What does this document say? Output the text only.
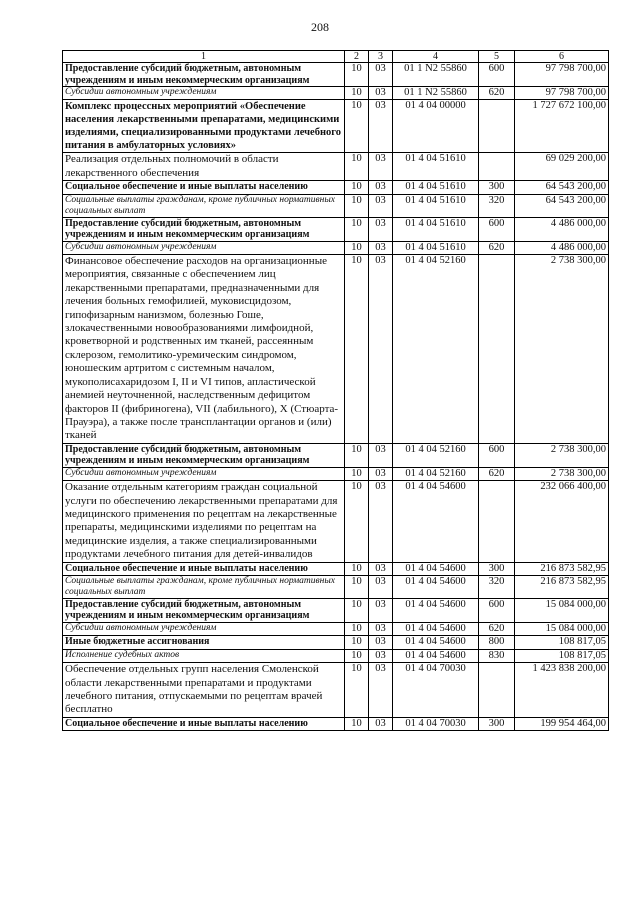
208
1	2	3	4	5	6
Предоставление субсидий бюджетным, автономным учреждениям и иным некоммерческим организациям	10	03	01 1 N2 55860	600	97 798 700,00
Субсидии автономным учреждениям	10	03	01 1 N2 55860	620	97 798 700,00
Комплекс процессных мероприятий «Обеспечение населения лекарственными препаратами, медицинскими изделиями, специализированными продуктами лечебного питания в амбулаторных условиях»	10	03	01 4 04 00000		1 727 672 100,00
Реализация отдельных полномочий в области лекарственного обеспечения	10	03	01 4 04 51610		69 029 200,00
Социальное обеспечение и иные выплаты населению	10	03	01 4 04 51610	300	64 543 200,00
Социальные выплаты гражданам, кроме публичных нормативных социальных выплат	10	03	01 4 04 51610	320	64 543 200,00
Предоставление субсидий бюджетным, автономным учреждениям и иным некоммерческим организациям	10	03	01 4 04 51610	600	4 486 000,00
Субсидии автономным учреждениям	10	03	01 4 04 51610	620	4 486 000,00
Финансовое обеспечение расходов на организационные мероприятия, связанные с обеспечением лиц лекарственными препаратами, предназначенными для лечения больных гемофилией, муковисцидозом, гипофизарным нанизмом, болезнью Гоше, злокачественными новообразованиями лимфоидной, кроветворной и родственных им тканей, рассеянным склерозом, гемолитико-уремическим синдромом, юношеским артритом с системным началом, мукополисахаридозом I, II и VI типов, апластической анемией неуточненной, наследственным дефицитом факторов II (фибриногена), VII (лабильного), X (Стюарта-Прауэра), а также после трансплантации органов и (или) тканей	10	03	01 4 04 52160		2 738 300,00
Предоставление субсидий бюджетным, автономным учреждениям и иным некоммерческим организациям	10	03	01 4 04 52160	600	2 738 300,00
Субсидии автономным учреждениям	10	03	01 4 04 52160	620	2 738 300,00
Оказание отдельным категориям граждан социальной услуги по обеспечению лекарственными препаратами для медицинского применения по рецептам на лекарственные препараты, медицинскими изделиями по рецептам на медицинские изделия, а также специализированными продуктами лечебного питания для детей-инвалидов	10	03	01 4 04 54600		232 066 400,00
Социальное обеспечение и иные выплаты населению	10	03	01 4 04 54600	300	216 873 582,95
Социальные выплаты гражданам, кроме публичных нормативных социальных выплат	10	03	01 4 04 54600	320	216 873 582,95
Предоставление субсидий бюджетным, автономным учреждениям и иным некоммерческим организациям	10	03	01 4 04 54600	600	15 084 000,00
Субсидии автономным учреждениям	10	03	01 4 04 54600	620	15 084 000,00
Иные бюджетные ассигнования	10	03	01 4 04 54600	800	108 817,05
Исполнение судебных актов	10	03	01 4 04 54600	830	108 817,05
Обеспечение отдельных групп населения Смоленской области лекарственными препаратами и продуктами лечебного питания, отпускаемыми по рецептам врачей бесплатно	10	03	01 4 04 70030		1 423 838 200,00
Социальное обеспечение и иные выплаты населению	10	03	01 4 04 70030	300	199 954 464,00
